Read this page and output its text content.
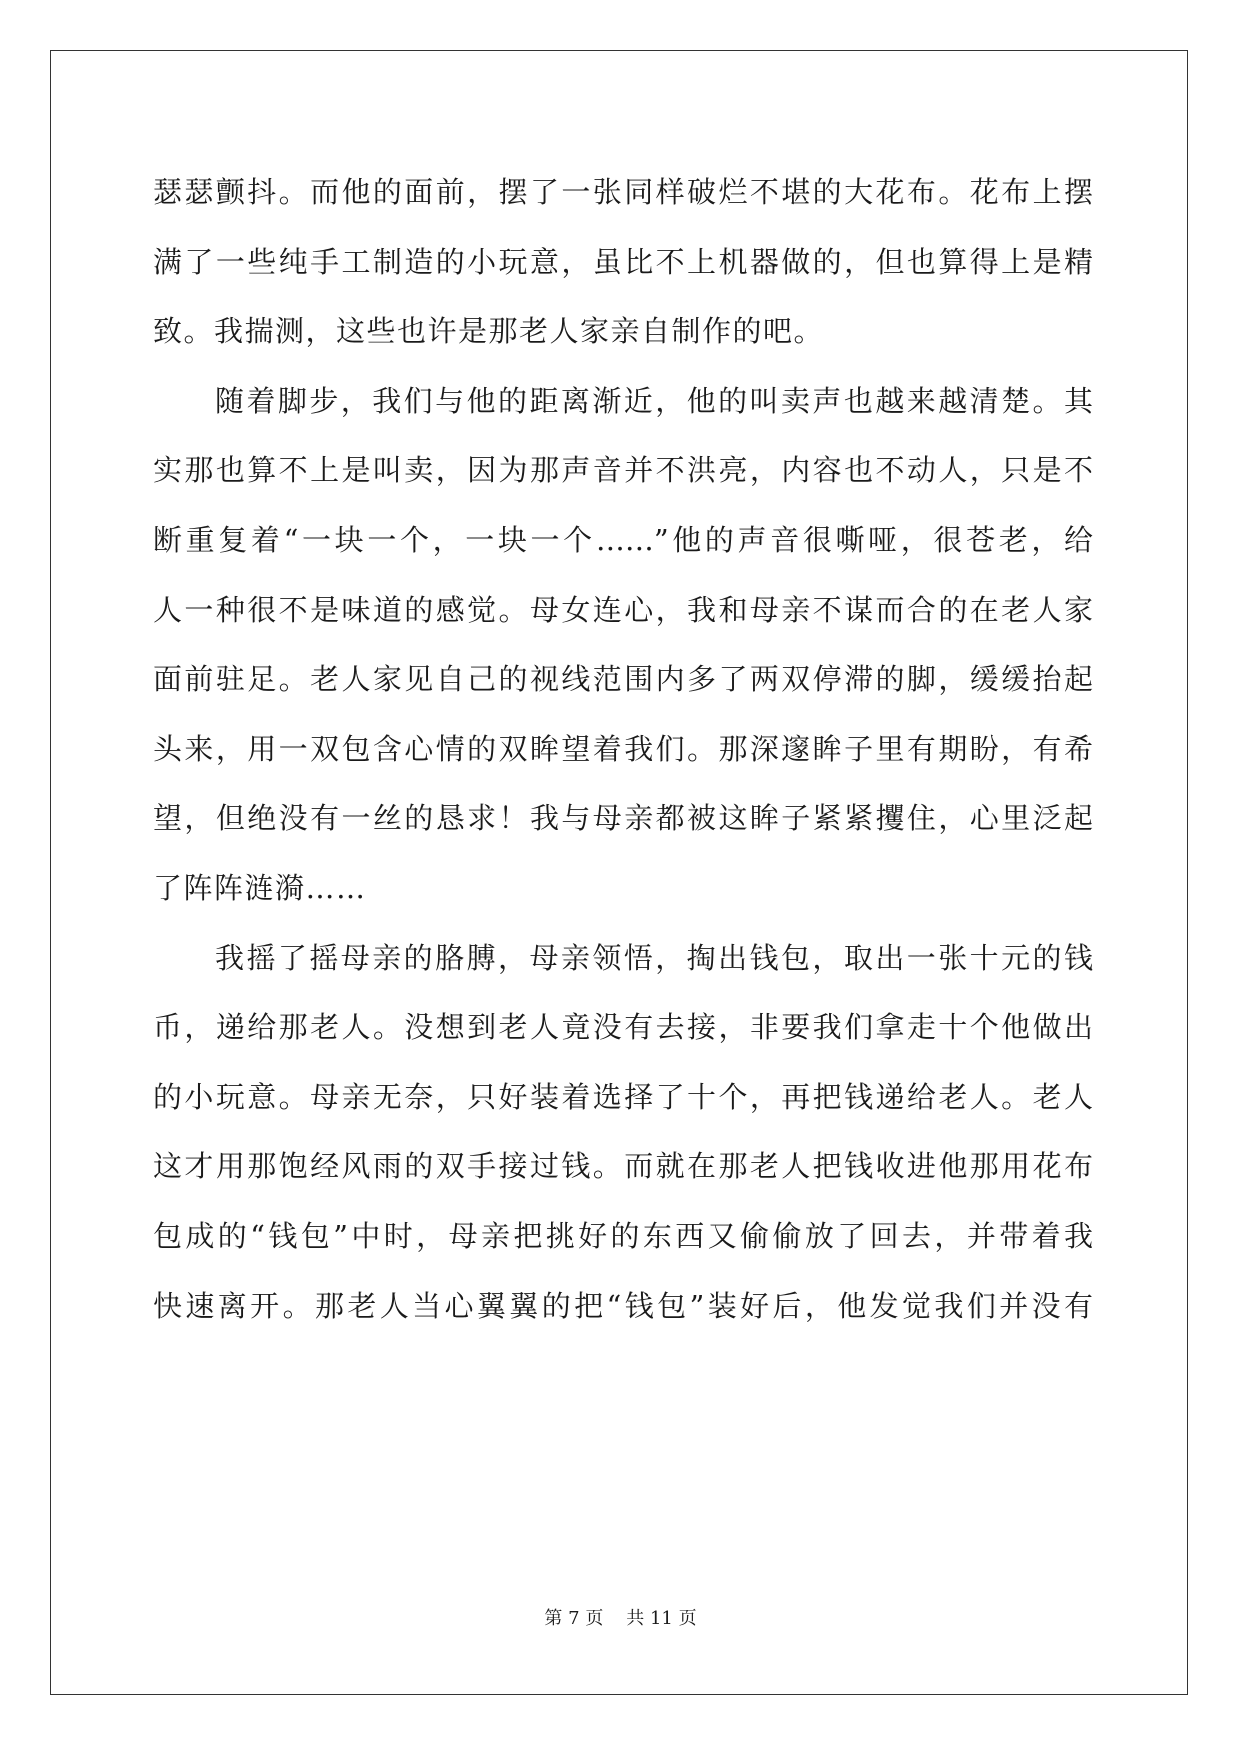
瑟瑟颤抖。而他的面前，摆了一张同样破烂不堪的大花布。花布上摆
满了一些纯手工制造的小玩意，虽比不上机器做的，但也算得上是精
致。我揣测，这些也许是那老人家亲自制作的吧。
随着脚步，我们与他的距离渐近，他的叫卖声也越来越清楚。其
实那也算不上是叫卖，因为那声音并不洪亮，内容也不动人，只是不
断重复着“一块一个，一块一个……”他的声音很嘶哑，很苍老，给
人一种很不是味道的感觉。母女连心，我和母亲不谋而合的在老人家
面前驻足。老人家见自己的视线范围内多了两双停滞的脚，缓缓抬起
头来，用一双包含心情的双眸望着我们。那深邃眸子里有期盼，有希
望，但绝没有一丝的恳求！我与母亲都被这眸子紧紧攫住，心里泛起
了阵阵涟漪……
我摇了摇母亲的胳膊，母亲领悟，掏出钱包，取出一张十元的钱
币，递给那老人。没想到老人竟没有去接，非要我们拿走十个他做出
的小玩意。母亲无奈，只好装着选择了十个，再把钱递给老人。老人
这才用那饱经风雨的双手接过钱。而就在那老人把钱收进他那用花布
包成的“钱包”中时，母亲把挑好的东西又偷偷放了回去，并带着我
快速离开。那老人当心翼翼的把“钱包”装好后，他发觉我们并没有
第 7 页 共 11 页
